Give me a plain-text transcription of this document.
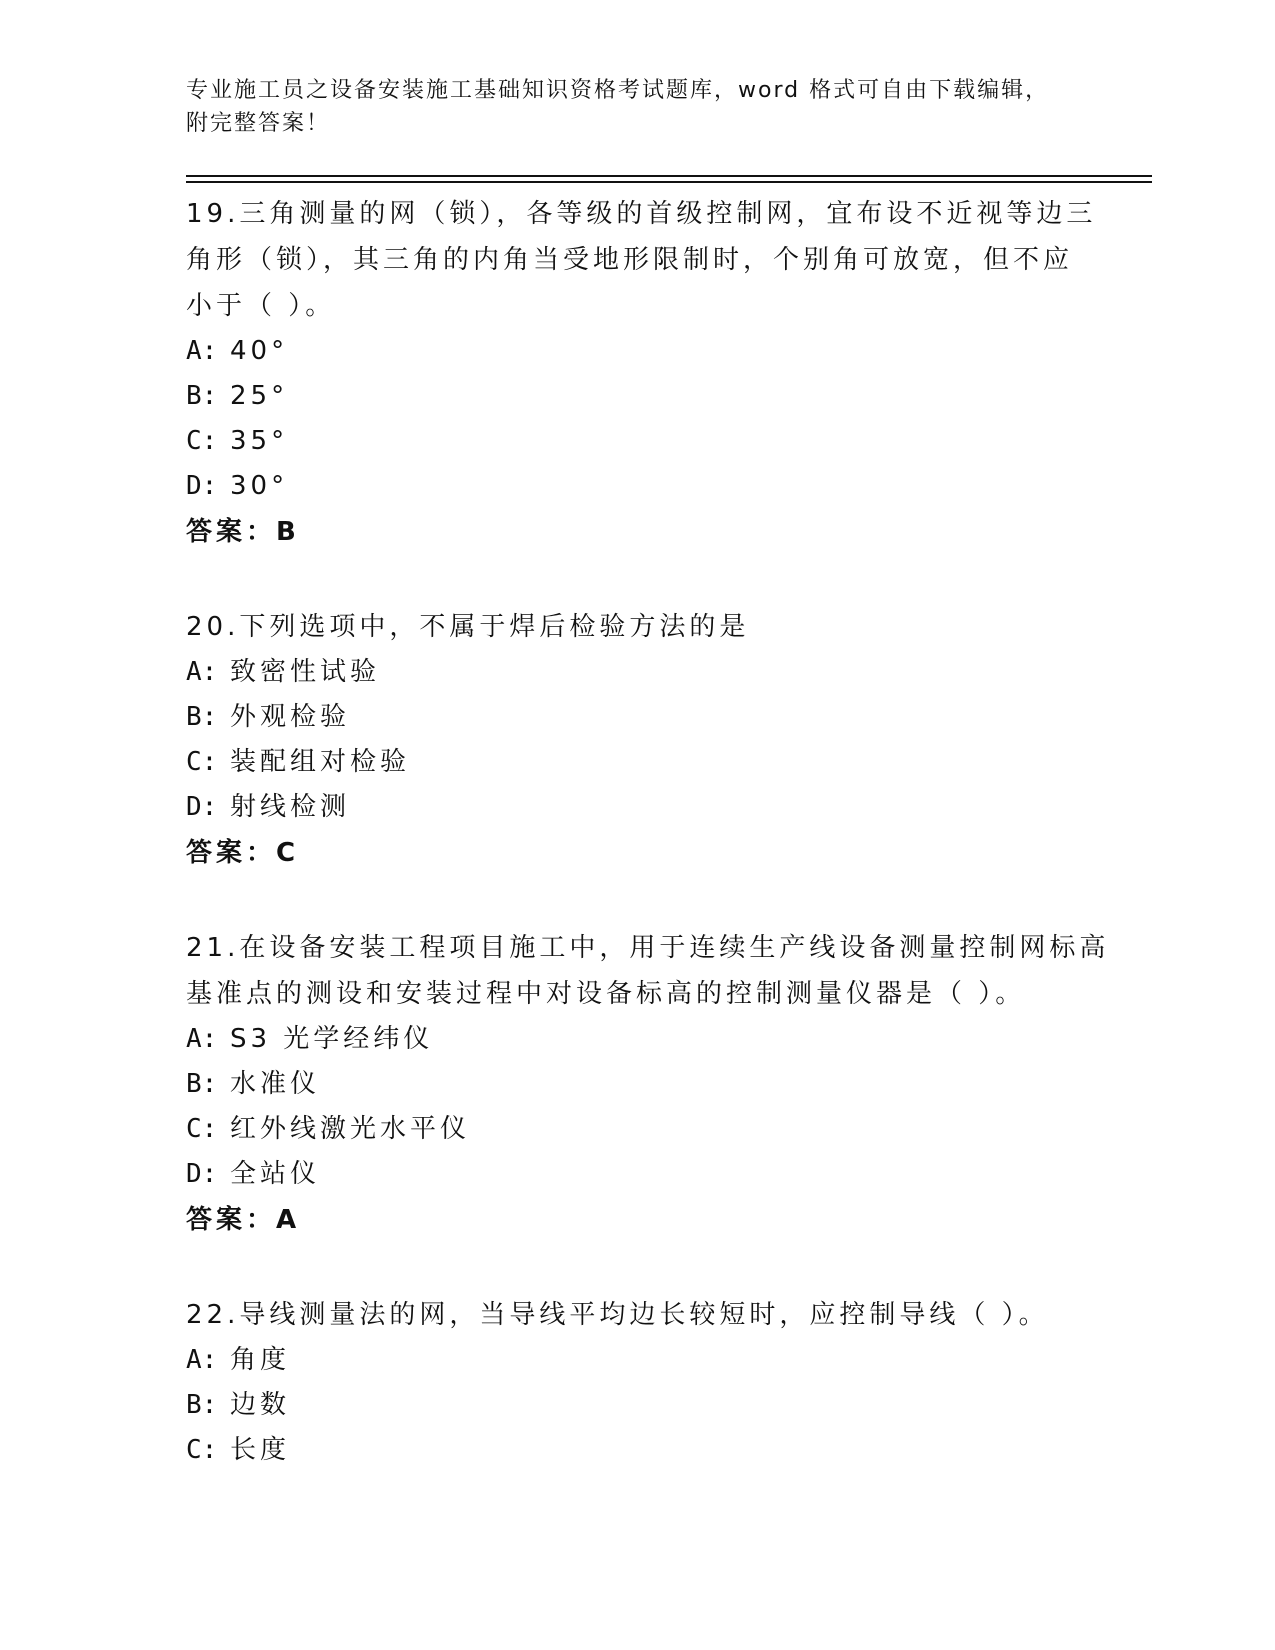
专业施工员之设备安装施工基础知识资格考试题库，word 格式可自由下载编辑，
附完整答案！
19.三角测量的网（锁），各等级的首级控制网，宜布设不近视等边三
角形（锁），其三角的内角当受地形限制时，个别角可放宽，但不应
小于（ ）。
A: 40°
B: 25°
C: 35°
D: 30°
答案：B
20.下列选项中，不属于焊后检验方法的是
A: 致密性试验
B: 外观检验
C: 装配组对检验
D: 射线检测
答案：C
21.在设备安装工程项目施工中，用于连续生产线设备测量控制网标高
基准点的测设和安装过程中对设备标高的控制测量仪器是（ ）。
A: S3 光学经纬仪
B: 水准仪
C: 红外线激光水平仪
D: 全站仪
答案：A
22.导线测量法的网，当导线平均边长较短时，应控制导线（ ）。
A: 角度
B: 边数
C: 长度
